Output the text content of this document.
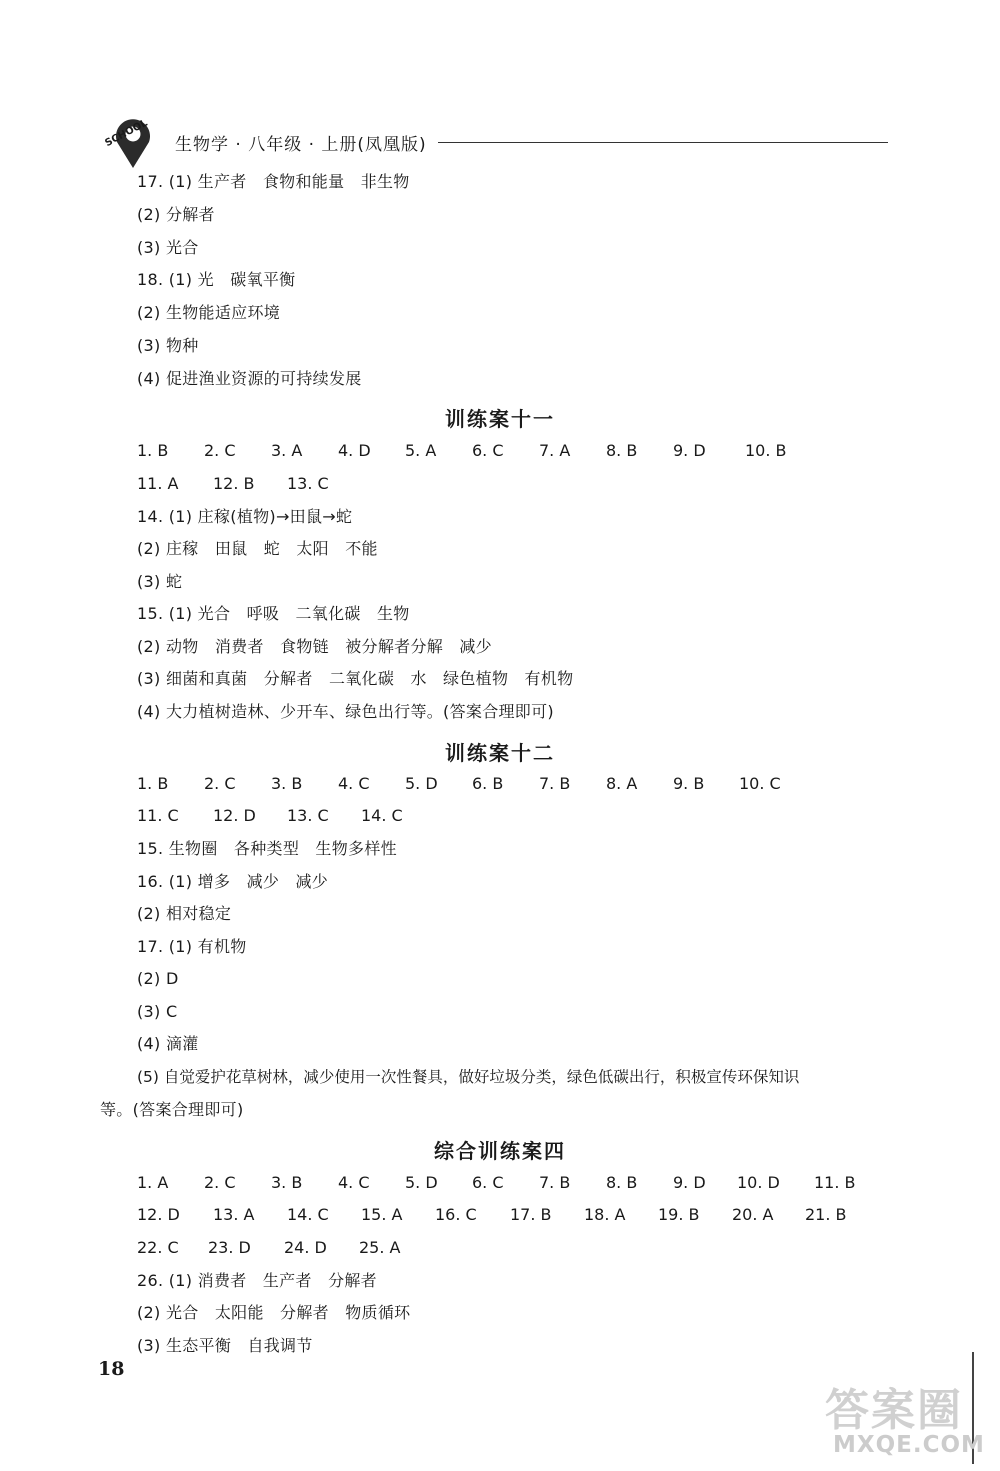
SCHOOL 生物学 · 八年级 · 上册(凤凰版)
17. (1) 生产者　食物和能量　非生物
(2) 分解者
(3) 光合
18. (1) 光　碳氧平衡
(2) 生物能适应环境
(3) 物种
(4) 促进渔业资源的可持续发展
训练案十一
1. B 2. C 3. A 4. D 5. A 6. C 7. A 8. B 9. D 10. B
11. A 12. B 13. C
14. (1) 庄稼(植物)→田鼠→蛇
(2) 庄稼　田鼠　蛇　太阳　不能
(3) 蛇
15. (1) 光合　呼吸　二氧化碳　生物
(2) 动物　消费者　食物链　被分解者分解　减少
(3) 细菌和真菌　分解者　二氧化碳　水　绿色植物　有机物
(4) 大力植树造林、少开车、绿色出行等。(答案合理即可)
训练案十二
1. B 2. C 3. B 4. C 5. D 6. B 7. B 8. A 9. B 10. C
11. C 12. D 13. C 14. C
15. 生物圈　各种类型　生物多样性
16. (1) 增多　减少　减少
(2) 相对稳定
17. (1) 有机物
(2) D
(3) C
(4) 滴灌
(5) 自觉爱护花草树林，减少使用一次性餐具，做好垃圾分类，绿色低碳出行，积极宣传环保知识
等。(答案合理即可)
综合训练案四
1. A 2. C 3. B 4. C 5. D 6. C 7. B 8. B 9. D 10. D 11. B
12. D 13. A 14. C 15. A 16. C 17. B 18. A 19. B 20. A 21. B
22. C 23. D 24. D 25. A
26. (1) 消费者　生产者　分解者
(2) 光合　太阳能　分解者　物质循环
(3) 生态平衡　自我调节
18
答案圈
MXQE.COM
